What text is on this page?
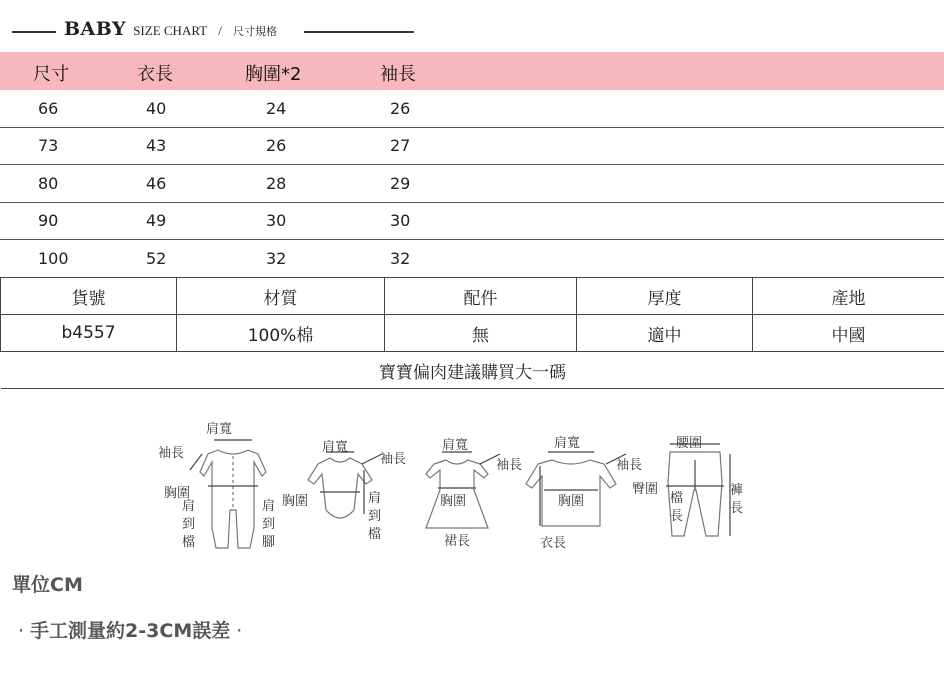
BABY SIZE CHART / 尺寸規格
尺寸	衣長	胸圍*2	袖長
66	40	24	26
73	43	26	27
80	46	28	29
90	49	30	30
100	52	32	32
貨號	材質	配件	厚度	產地
b4557	100%棉	無	適中	中國
寶寶偏肉建議購買大一碼				
肩寬
袖長
胸圍
肩到檔
肩到腳
肩寬
袖長
胸圍	肩到檔
肩寬
袖長
胸圍
裙長
肩寬
袖長
胸圍
衣長
腰圍
臀圍
檔長
褲長
單位CM
· 手工測量約2-3CM誤差 ·
